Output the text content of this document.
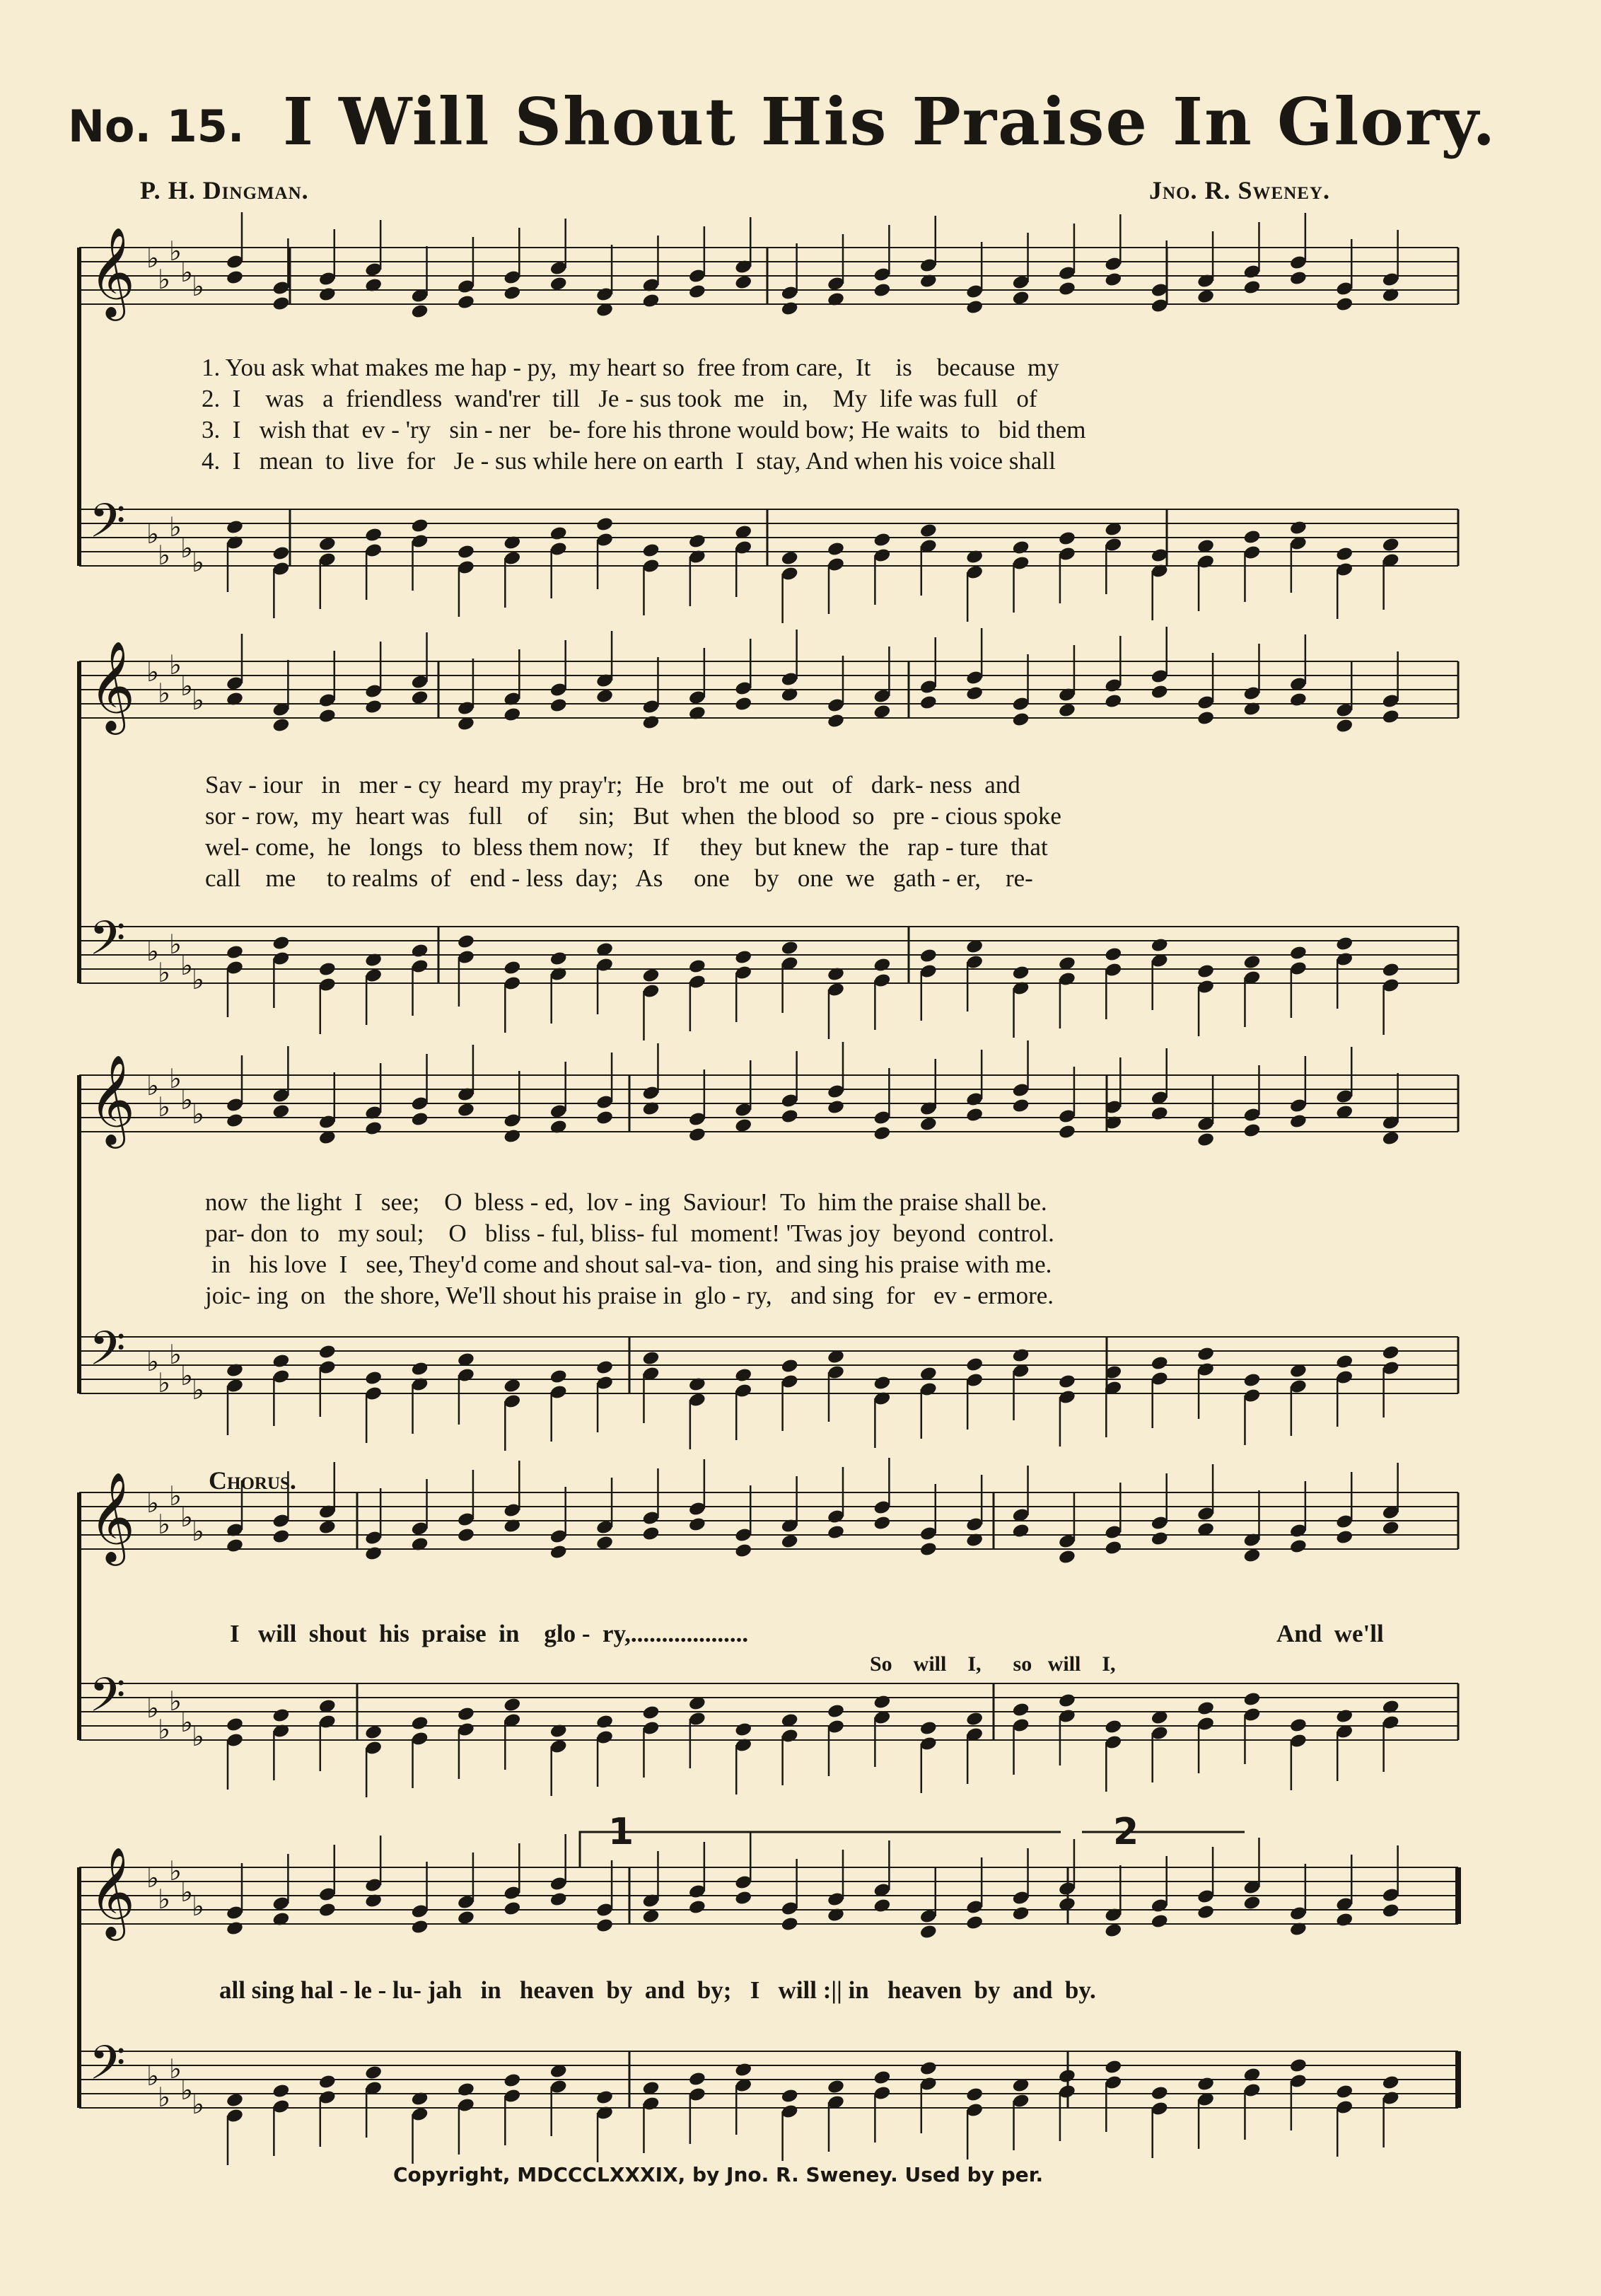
No. 15. I Will Shout His Praise In Glory.
P. H. Dingman.	Jno. R. Sweney.
𝄞 ♭
♭
♭
♭
♭
𝄢 ♭
♭
♭
♭
♭
𝄞 ♭
♭
♭
♭
♭
𝄢 ♭
♭
♭
♭
♭
𝄞 ♭
♭
♭
♭
♭
𝄢 ♭
♭
♭
♭
♭
𝄞 ♭
♭
♭
♭
♭
𝄢 ♭
♭
♭
♭
♭
𝄞 ♭
♭
♭
♭
♭
𝄢 ♭
♭
♭
♭
♭
1. You ask what makes me hap - py,  my heart so  free from care,  It    is    because  my
2.  I    was   a  friendless  wand'rer  till   Je - sus took  me   in,    My  life was full   of
3.  I   wish that  ev - 'ry   sin - ner   be- fore his throne would bow; He waits  to   bid them
4.  I   mean  to  live  for   Je - sus while here on earth  I  stay, And when his voice shall
Sav - iour   in   mer - cy  heard  my pray'r;  He   bro't  me  out   of   dark- ness  and
sor - row,  my  heart was   full    of     sin;   But  when  the blood  so   pre - cious spoke
wel- come,  he   longs   to  bless them now;   If     they  but knew  the   rap - ture  that
call    me     to realms  of   end - less  day;   As     one    by   one  we   gath - er,    re-
now  the light  I   see;    O  bless - ed,  lov - ing  Saviour!  To  him the praise shall be.
par- don  to   my soul;    O   bliss - ful, bliss- ful  moment! 'Twas joy  beyond  control.
in   his love  I   see, They'd come and shout sal-va- tion,  and sing his praise with me.
joic- ing  on   the shore, We'll shout his praise in  glo - ry,   and sing  for   ev - ermore.
Chorus.
I   will  shout  his  praise  in    glo -  ry,...................	And  we'll
So    will    I,      so   will    I,
1	2
all sing hal - le - lu- jah   in   heaven  by  and  by;   I   will :|| in   heaven  by  and  by.
Copyright, MDCCCLXXXIX, by Jno. R. Sweney. Used by per.
